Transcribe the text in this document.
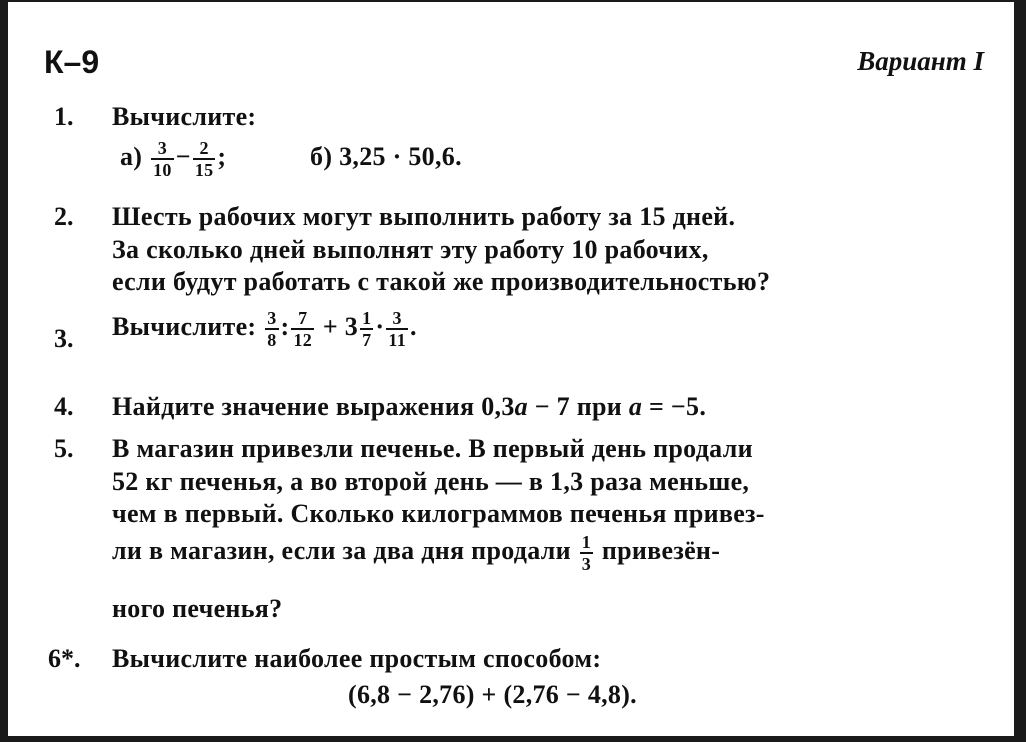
К–9	Вариант I
1. Вычислите:
$а) \frac{3}{10} - \frac{2}{15}$ ;	б) 3,25 · 50,6.
2. Шесть рабочих могут выполнить работу за 15 дней.
За сколько дней выполнят эту работу 10 рабочих,
если будут работать с такой же производительностью?
3. Вычислите: $\frac{3}{8}$ : $\frac{7}{12} + 3 \frac{1}{7} \cdot \frac{3}{11}$ .
4. Найдите значение выражения 0,3a − 7 при a = −5.
5. В магазин привезли печенье. В первый день продали
52 кг печенья, а во второй день — в 1,3 раза меньше,
чем в первый. Сколько килограммов печенья привез-
ли в магазин, если за два дня продали $\frac{1}{3}$ привезён-
ного печенья?
6*. Вычислите наиболее простым способом:
(6,8 − 2,76) + (2,76 − 4,8).
